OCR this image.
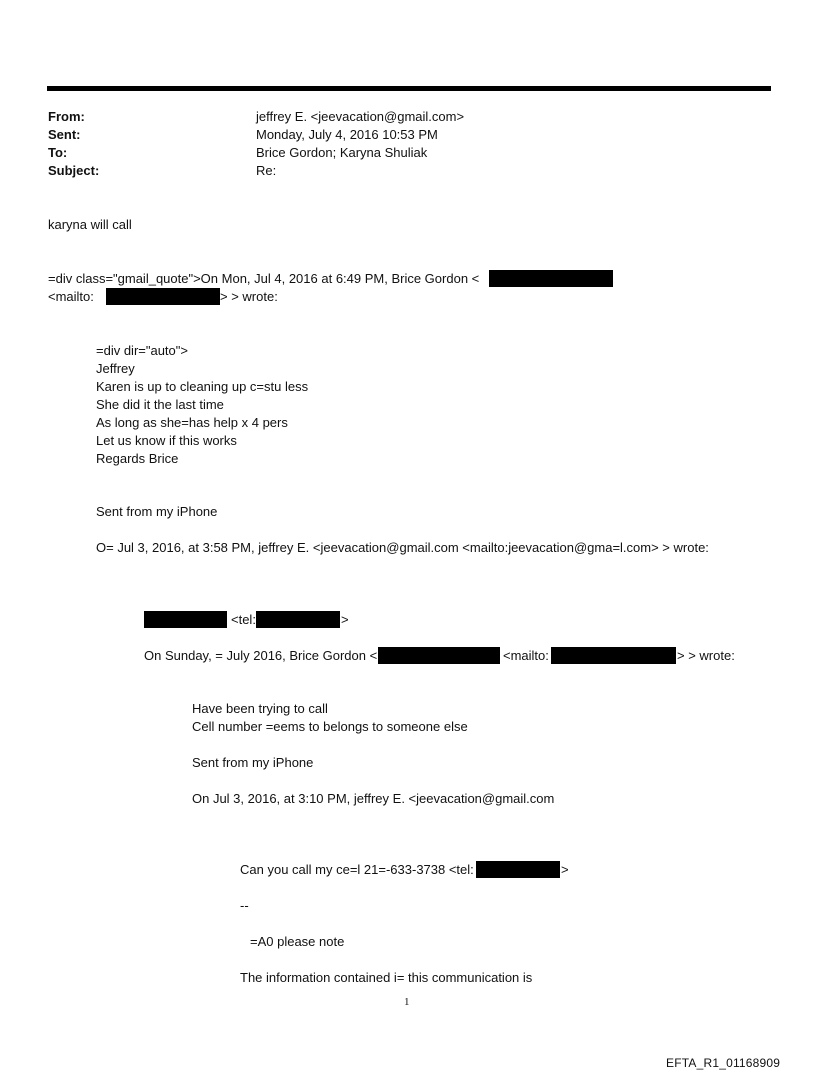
From:	jeffrey E. <jeevacation@gmail.com>
Sent:	Monday, July 4, 2016 10:53 PM
To:	Brice Gordon; Karyna Shuliak
Subject:	Re:
karyna will call
=div class="gmail_quote">On Mon, Jul 4, 2016 at 6:49 PM, Brice Gordon <
<mailto:	> > wrote:
=div dir="auto">
Jeffrey
Karen is up to cleaning up c=stu less
She did it the last time
As long as she=has help x 4 pers
Let us know if this works
Regards Brice
Sent from my iPhone
O= Jul 3, 2016, at 3:58 PM, jeffrey E. <jeevacation@gmail.com <mailto:jeevacation@gma=l.com> > wrote:
<tel:	>
On Sunday, = July 2016, Brice Gordon <	<mailto:	> > wrote:
Have been trying to call
Cell number =eems to belongs to someone else
Sent from my iPhone
On Jul 3, 2016, at 3:10 PM, jeffrey E. <jeevacation@gmail.com
Can you call my ce=l 21=-633-3738 <tel:	>
--
=A0 please note
The information contained i= this communication is
1
EFTA_R1_01168909
